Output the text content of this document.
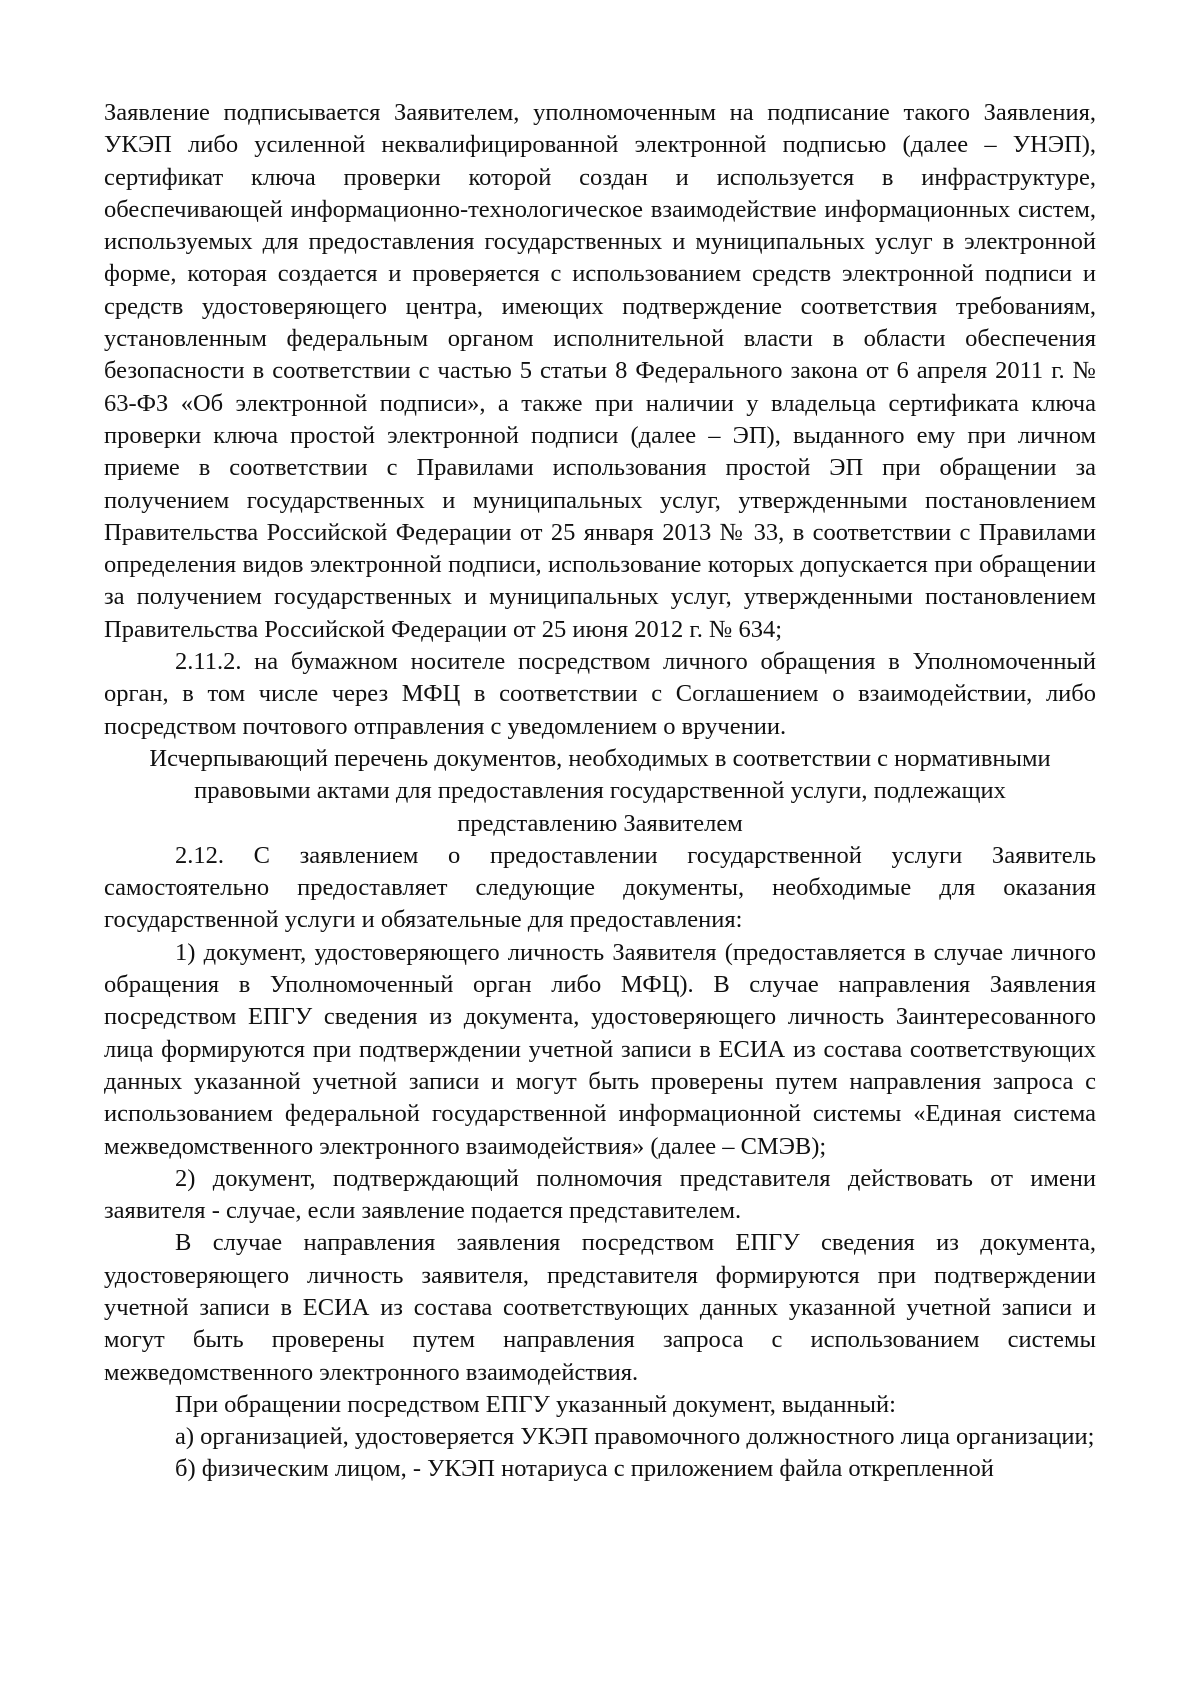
Заявление подписывается Заявителем, уполномоченным на подписание такого Заявления, УКЭП либо усиленной неквалифицированной электронной подписью (далее – УНЭП), сертификат ключа проверки которой создан и используется в инфраструктуре, обеспечивающей информационно-технологическое взаимодействие информационных систем, используемых для предоставления государственных и муниципальных услуг в электронной форме, которая создается и проверяется с использованием средств электронной подписи и средств удостоверяющего центра, имеющих подтверждение соответствия требованиям, установленным федеральным органом исполнительной власти в области обеспечения безопасности в соответствии с частью 5 статьи 8 Федерального закона от 6 апреля 2011 г. № 63-ФЗ «Об электронной подписи», а также при наличии у владельца сертификата ключа проверки ключа простой электронной подписи (далее – ЭП), выданного ему при личном приеме в соответствии с Правилами использования простой ЭП при обращении за получением государственных и муниципальных услуг, утвержденными постановлением Правительства Российской Федерации от 25 января 2013 № 33, в соответствии с Правилами определения видов электронной подписи, использование которых допускается при обращении за получением государственных и муниципальных услуг, утвержденными постановлением Правительства Российской Федерации от 25 июня 2012 г. № 634;

2.11.2. на бумажном носителе посредством личного обращения в Уполномоченный орган, в том числе через МФЦ в соответствии с Соглашением о взаимодействии, либо посредством почтового отправления с уведомлением о вручении.

Исчерпывающий перечень документов, необходимых в соответствии с нормативными правовыми актами для предоставления государственной услуги, подлежащих представлению Заявителем

2.12. С заявлением о предоставлении государственной услуги Заявитель самостоятельно предоставляет следующие документы, необходимые для оказания государственной услуги и обязательные для предоставления:

1) документ, удостоверяющего личность Заявителя (предоставляется в случае личного обращения в Уполномоченный орган либо МФЦ). В случае направления Заявления посредством ЕПГУ сведения из документа, удостоверяющего личность Заинтересованного лица формируются при подтверждении учетной записи в ЕСИА из состава соответствующих данных указанной учетной записи и могут быть проверены путем направления запроса с использованием федеральной государственной информационной системы «Единая система межведомственного электронного взаимодействия» (далее – СМЭВ);

2) документ, подтверждающий полномочия представителя действовать от имени заявителя - случае, если заявление подается представителем.

В случае направления заявления посредством ЕПГУ сведения из документа, удостоверяющего личность заявителя, представителя формируются при подтверждении учетной записи в ЕСИА из состава соответствующих данных указанной учетной записи и могут быть проверены путем направления запроса с использованием системы межведомственного электронного взаимодействия.

При обращении посредством ЕПГУ указанный документ, выданный:

а) организацией, удостоверяется УКЭП правомочного должностного лица организации;

б) физическим лицом, - УКЭП нотариуса с приложением файла открепленной
